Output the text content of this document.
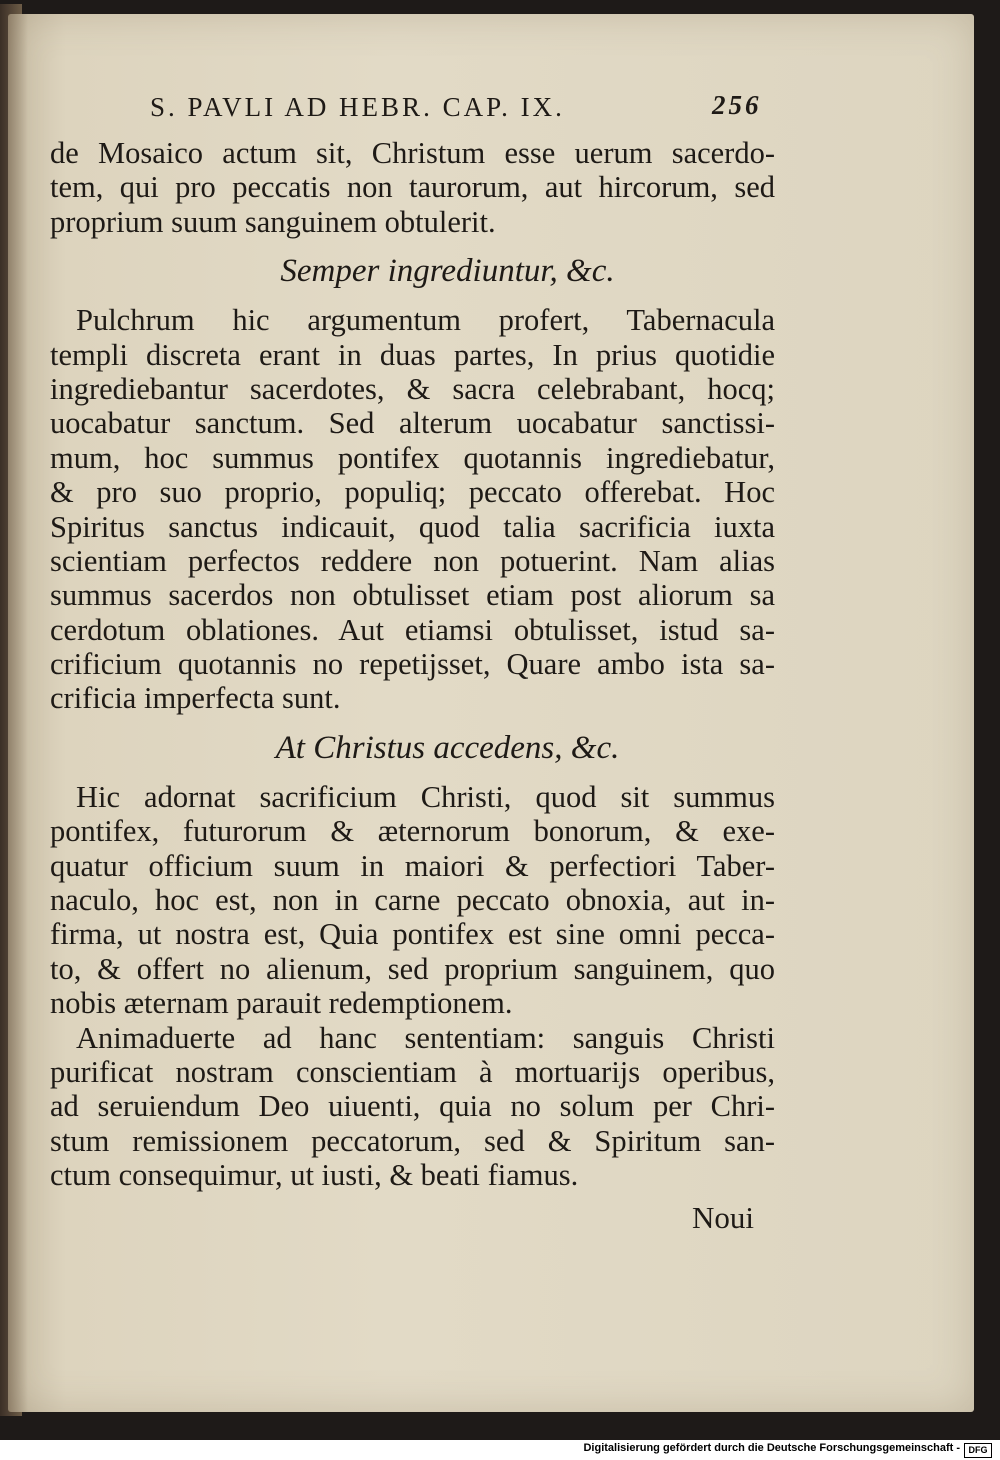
S. PAVLI AD HEBR. CAP. IX.	256
de Mosaico actum sit, Christum esse uerum sacerdo-
tem, qui pro peccatis non taurorum, aut hircorum, sed
proprium suum sanguinem obtulerit.
Semper ingrediuntur, &c.
Pulchrum hic argumentum profert, Tabernacula
templi discreta erant in duas partes, In prius quotidie
ingrediebantur sacerdotes, & sacra celebrabant, hocq;
uocabatur sanctum. Sed alterum uocabatur sanctissi-
mum, hoc summus pontifex quotannis ingrediebatur,
& pro suo proprio, populiq; peccato offerebat. Hoc
Spiritus sanctus indicauit, quod talia sacrificia iuxta
scientiam perfectos reddere non potuerint. Nam alias
summus sacerdos non obtulisset etiam post aliorum sa
cerdotum oblationes. Aut etiamsi obtulisset, istud sa-
crificium quotannis no repetijsset, Quare ambo ista sa-
crificia imperfecta sunt.
At Christus accedens, &c.
Hic adornat sacrificium Christi, quod sit summus
pontifex, futurorum & æternorum bonorum, & exe-
quatur officium suum in maiori & perfectiori Taber-
naculo, hoc est, non in carne peccato obnoxia, aut in-
firma, ut nostra est, Quia pontifex est sine omni pecca-
to, & offert no alienum, sed proprium sanguinem, quo
nobis æternam parauit redemptionem.
Animaduerte ad hanc sententiam: sanguis Christi
purificat nostram conscientiam à mortuarijs operibus,
ad seruiendum Deo uiuenti, quia no solum per Chri-
stum remissionem peccatorum, sed & Spiritum san-
ctum consequimur, ut iusti, & beati fiamus.
Noui
Digitalisierung gefördert durch die Deutsche Forschungsgemeinschaft - DFG
